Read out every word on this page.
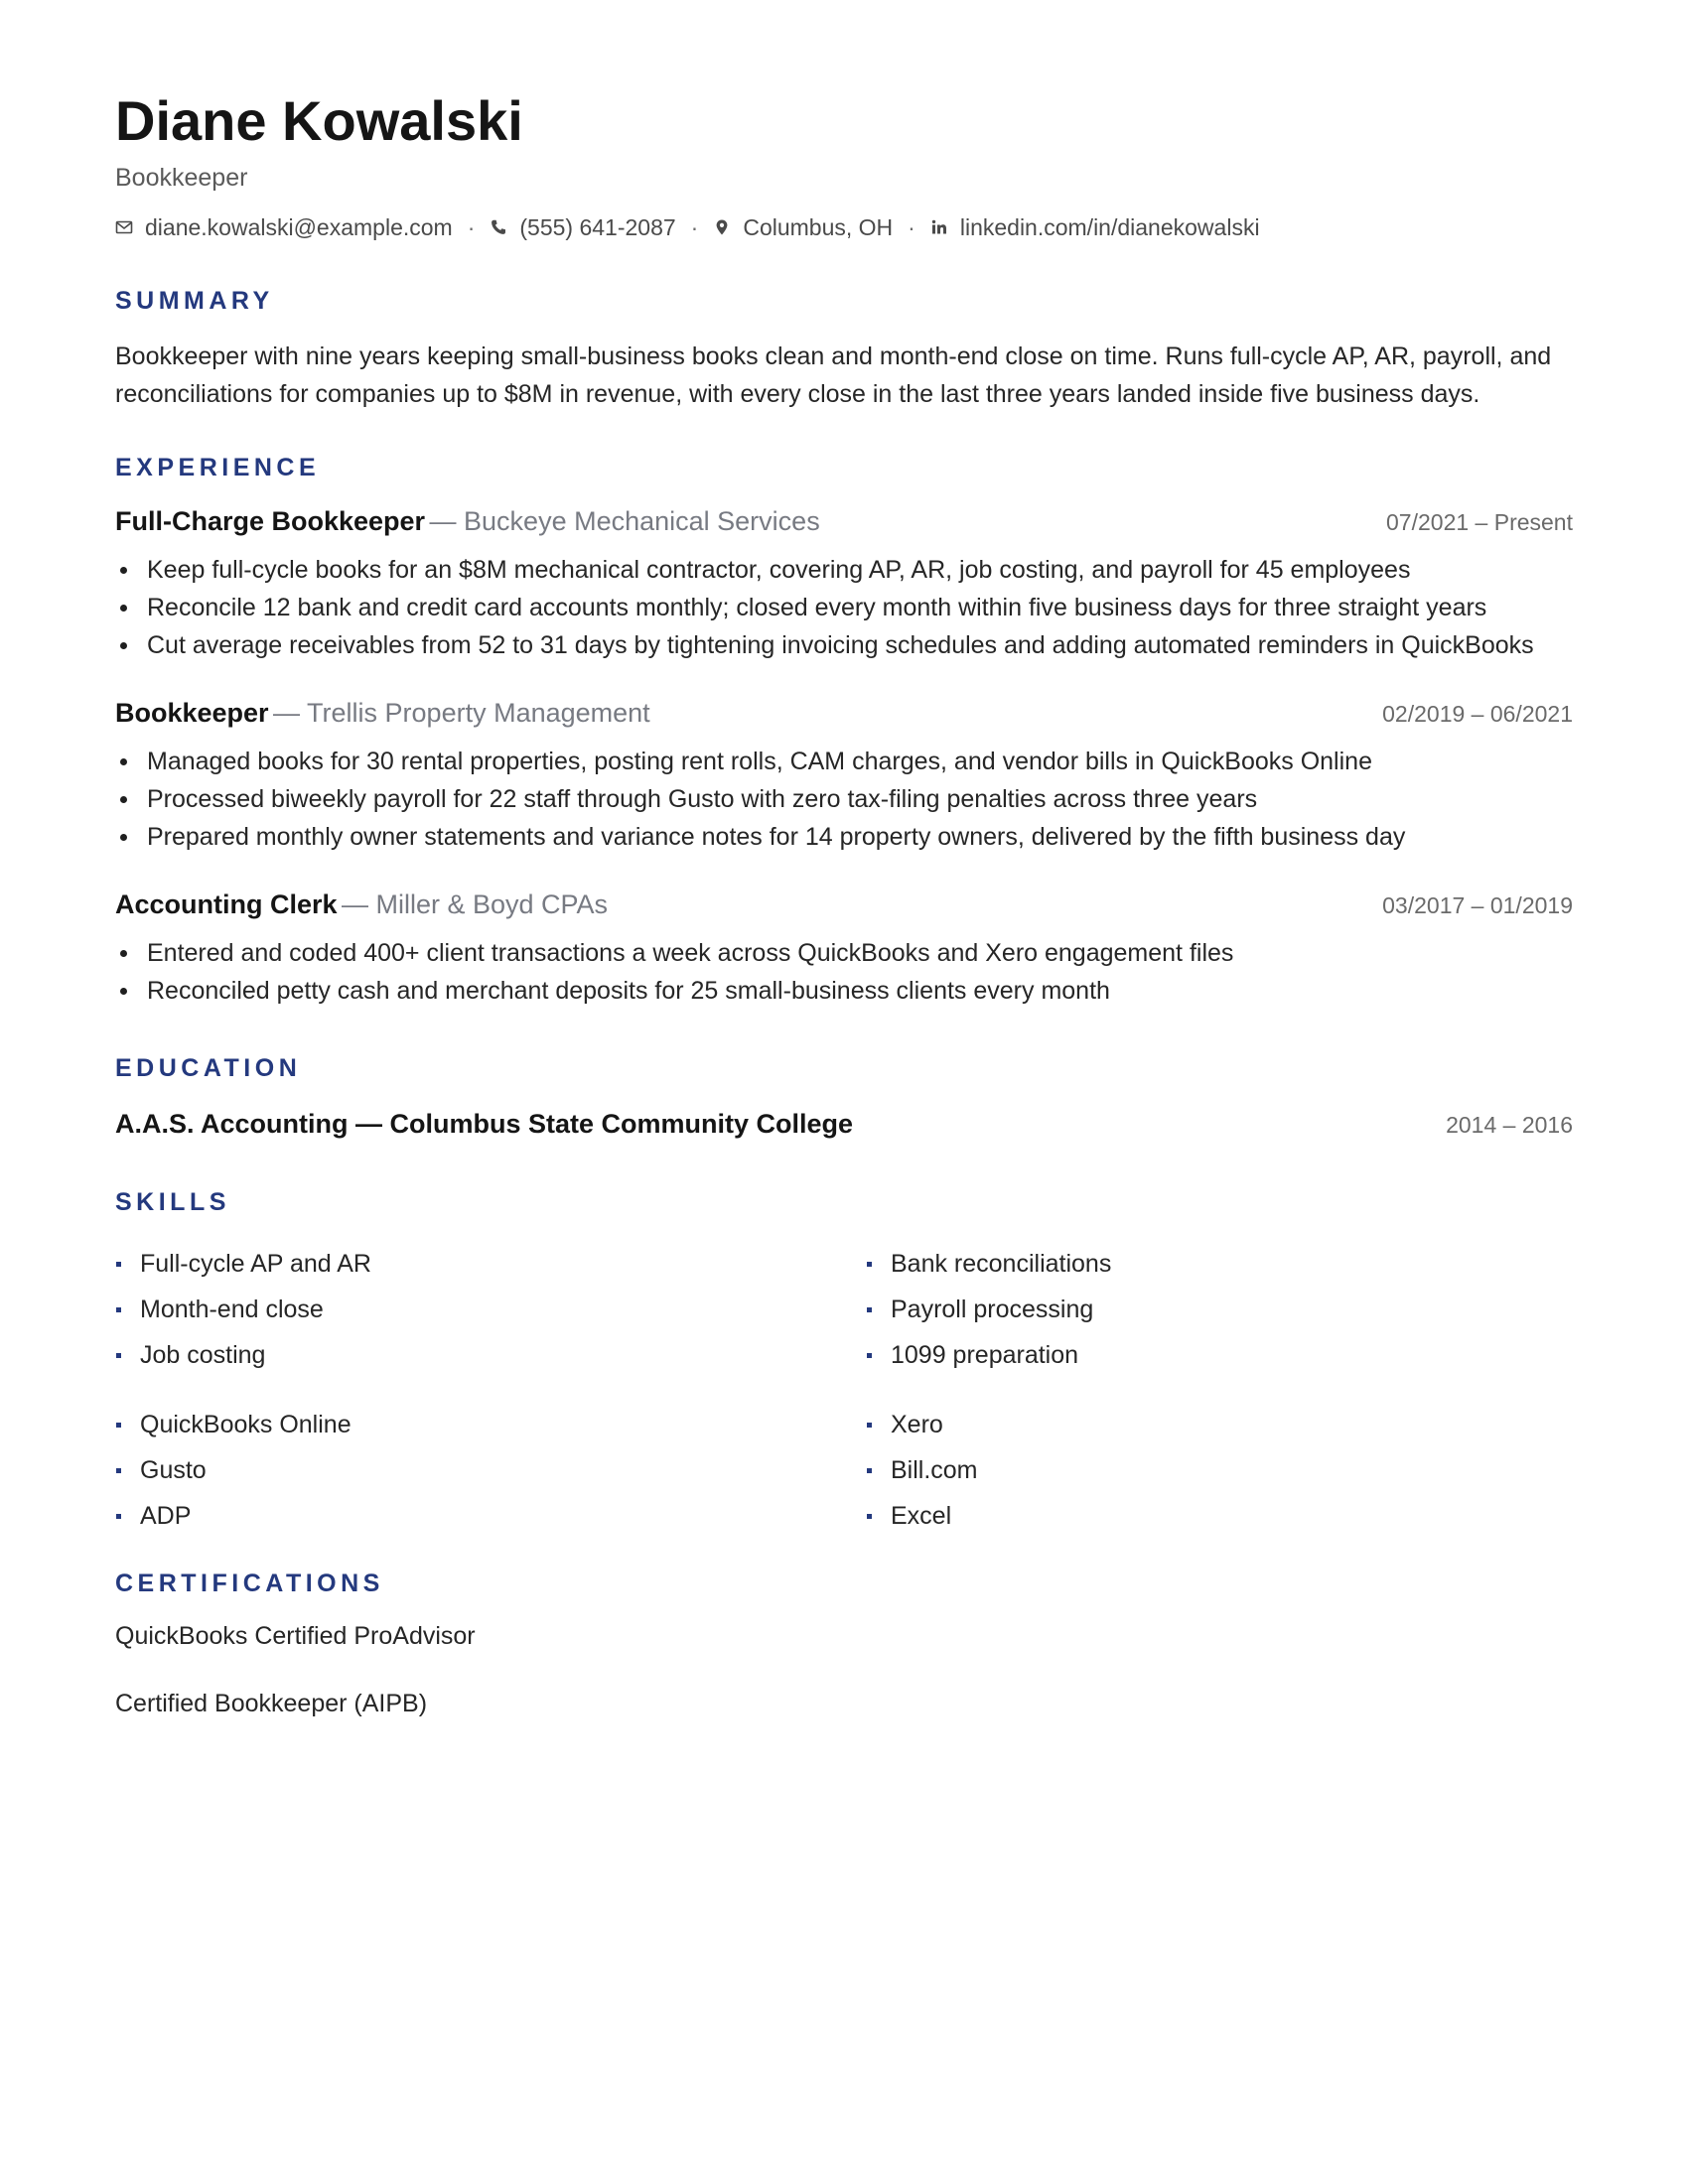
Diane Kowalski
Bookkeeper
diane.kowalski@example.com · (555) 641-2087 · Columbus, OH · linkedin.com/in/dianekowalski
SUMMARY
Bookkeeper with nine years keeping small-business books clean and month-end close on time. Runs full-cycle AP, AR, payroll, and reconciliations for companies up to $8M in revenue, with every close in the last three years landed inside five business days.
EXPERIENCE
Full-Charge Bookkeeper — Buckeye Mechanical Services	07/2021 – Present
Keep full-cycle books for an $8M mechanical contractor, covering AP, AR, job costing, and payroll for 45 employees
Reconcile 12 bank and credit card accounts monthly; closed every month within five business days for three straight years
Cut average receivables from 52 to 31 days by tightening invoicing schedules and adding automated reminders in QuickBooks
Bookkeeper — Trellis Property Management	02/2019 – 06/2021
Managed books for 30 rental properties, posting rent rolls, CAM charges, and vendor bills in QuickBooks Online
Processed biweekly payroll for 22 staff through Gusto with zero tax-filing penalties across three years
Prepared monthly owner statements and variance notes for 14 property owners, delivered by the fifth business day
Accounting Clerk — Miller & Boyd CPAs	03/2017 – 01/2019
Entered and coded 400+ client transactions a week across QuickBooks and Xero engagement files
Reconciled petty cash and merchant deposits for 25 small-business clients every month
EDUCATION
A.A.S. Accounting — Columbus State Community College	2014 – 2016
SKILLS
Full-cycle AP and AR
Month-end close
Job costing
Bank reconciliations
Payroll processing
1099 preparation
QuickBooks Online
Gusto
ADP
Xero
Bill.com
Excel
CERTIFICATIONS
QuickBooks Certified ProAdvisor
Certified Bookkeeper (AIPB)
